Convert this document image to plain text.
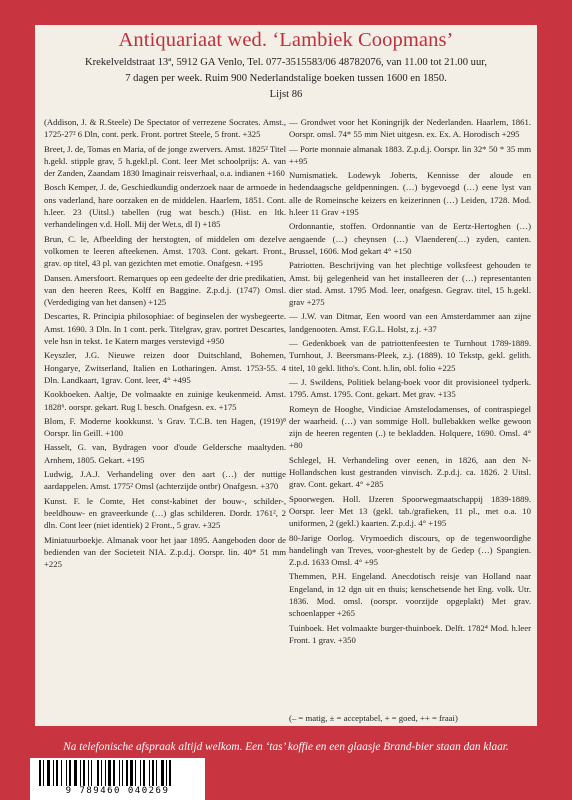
Antiquariaat wed. ‘Lambiek Coopmans’
Krekelveldstraat 13ª, 5912 GA Venlo, Tel. 077-3515583/06 48782076, van 11.00 tot 21.00 uur,
7 dagen per week. Ruim 900 Nederlandstalige boeken tussen 1600 en 1850.
Lijst 86

(Addison, J. & R.Steele) De Spectator of verrezene Socrates. Amst., 1725-27² 6 Dln, cont. perk. Front. portret Steele, 5 front. +325

Breet, J. de, Tomas en Maria, of de jonge zwervers. Amst. 1825² Titel h.gekl. stipple grav, 5 h.gekl.pl. Cont. leer Met schoolprijs: A. van der Zanden, Zaandam 1830 Imaginair reisverhaal, o.a. indianen +160

Bosch Kemper, J. de, Geschiedkundig onderzoek naar de armoede in ons vaderland, hare oorzaken en de middelen. Haarlem, 1851. Cont. h.leer. 23 (Uitsl.) tabellen (rug wat besch.) (Hist. en ltk. verhandelingen v.d. Holl. Mij der Wet.s, dl I) +185

Brun, C. le, Afbeelding der herstogten, of middelen om dezelve volkomen te leeren afteekenen. Amst. 1703. Cont. gekart. Front., grav. op titel, 43 pl. van gezichten met emotie. Onafgesn. +195

Dansen. Amersfoort. Remarques op een gedeelte der drie predikatien, van den heeren Rees, Kolff en Baggine. Z.p.d.j. (1747) Omsl. (Verdediging van het dansen) +125

Descartes, R. Principia philosophiae: of beginselen der wysbegeerte. Amst. 1690. 3 Dln. In 1 cont. perk. Titelgrav, grav. portret Descartes, vele hsn in tekst. 1e Katern marges verstevigd +950

Keyszler, J.G. Nieuwe reizen door Duitschland, Bohemen, Hongarye, Zwitserland, Italien en Lotharingen. Amst. 1753-55. 4 Dln. Landkaart, 1grav. Cont. leer, 4° +495

Kookboeken. Aaltje, De volmaakte en zuinige keukenmeid. Amst. 1828⁶. oorspr. gekart. Rug l. besch. Onafgesn. ex. +175

Blom, F. Moderne kookkunst. 's Grav. T.C.B. ten Hagen, (1919)⁸ Oorspr. lin Geill. +100

Hasselt, G. van, Bydragen voor d'oude Geldersche maaltyden. Arnhem, 1805. Gekart. +195

Ludwig, J.A.J. Verhandeling over den aart (…) der nuttige aardappelen. Amst. 1775² Omsl (achterzijde ontbr) Onafgesn. +370

Kunst. F. le Comte, Het const-kabinet der bouw-, schilder-, beeldhouw- en graveerkunde (…) glas schilderen. Dordr. 1761², 2 dln. Cont leer (niet identiek) 2 Front., 5 grav. +325

Miniatuurboekje. Almanak voor het jaar 1895. Aangeboden door de bedienden van der Societeit NIA. Z.p.d.j. Oorspr. lin. 40* 51 mm +225

— Grondwet voor het Koningrijk der Nederlanden. Haarlem, 1861. Oorspr. omsl. 74* 55 mm Niet uitgesn. ex. Ex. A. Horodisch +295

— Porte monnaie almanak 1883. Z.p.d.j. Oorspr. lin 32* 50 * 35 mm ++95

Numismatiek. Lodewyk Joberts, Kennisse der aloude en hedendaagsche geldpenningen. (…) bygevoegd (…) eene lyst van alle de Romeinsche keizers en keizerinnen (…) Leiden, 1728. Mod. h.leer 11 Grav +195

Ordonnantie, stoffen. Ordonnantie van de Eertz-Hertoghen (…) aengaende (…) cheynsen (…) Vlaenderen(…) zyden, canten. Brussel, 1606. Mod gekart 4° +150

Patriotten. Beschrijving van het plechtige volksfeest gehouden te Amst. bij gelegenheid van het installeeren der (…) representanten dier stad. Amst. 1795 Mod. leer, onafgesn. Gegrav. titel, 15 h.gekl. grav +275

— J.W. van Ditmar, Een woord van een Amsterdammer aan zijne landgenooten. Amst. F.G.L. Holst, z.j. +37

— Gedenkboek van de patriottenfeesten te Turnhout 1789-1889. Turnhout, J. Beersmans-Pleek, z.j. (1889). 10 Tekstp, gekl. gelith. titel, 10 gekl. litho's. Cont. h.lin, obl. folio +225

— J. Swildens, Politiek belang-boek voor dit provisioneel tydperk. 1795. Amst. 1795. Cont. gekart. Met grav. +135

Romeyn de Hooghe, Vindiciae Amstelodamenses, of contraspiegel der waarheid. (…) van sommige Holl. bullebakken welke gewoon zijn de heeren regenten (..) te bekladden. Holquere, 1690. Omsl. 4° +80

Schlegel, H. Verhandeling over eenen, in 1826, aan den N-Hollandschen kust gestranden vinvisch. Z.p.d.j. ca. 1826. 2 Uitsl. grav. Cont. gekart. 4° +285

Spoorwegen. Holl. IJzeren Spoorwegmaatschappij 1839-1889. Oorspr. leer Met 13 (gekl. tab./grafieken, 11 pl., met o.a. 10 uniformen, 2 (gekl.) kaarten. Z.p.d.j. 4° +195

80-Jarige Oorlog. Vrymoedich discours, op de tegenwoordighe handelingh van Treves, voor-ghestelt by de Gedep (…) Spangien. Z.p.d. 1633 Omsl. 4° +95

Themmen, P.H. Engeland. Anecdotisch reisje van Holland naar Engeland, in 12 dgn uit en thuis; kenschetsende het Eng. volk. Utr. 1836. Mod. omsl. (oorspr. voorzijde opgeplakt) Met grav. schoenlapper +265

Tuinboek. Het volmaakte burger-thuinboek. Delft. 1782⁴ Mod. h.leer Front. 1 grav. +350

(– = matig, ± = acceptabel, + = goed, ++ = fraai)
Na telefonische afspraak altijd welkom. Een ‘tas’ koffie en een glaasje Brand-bier staan dan klaar.
9 789460 040269
